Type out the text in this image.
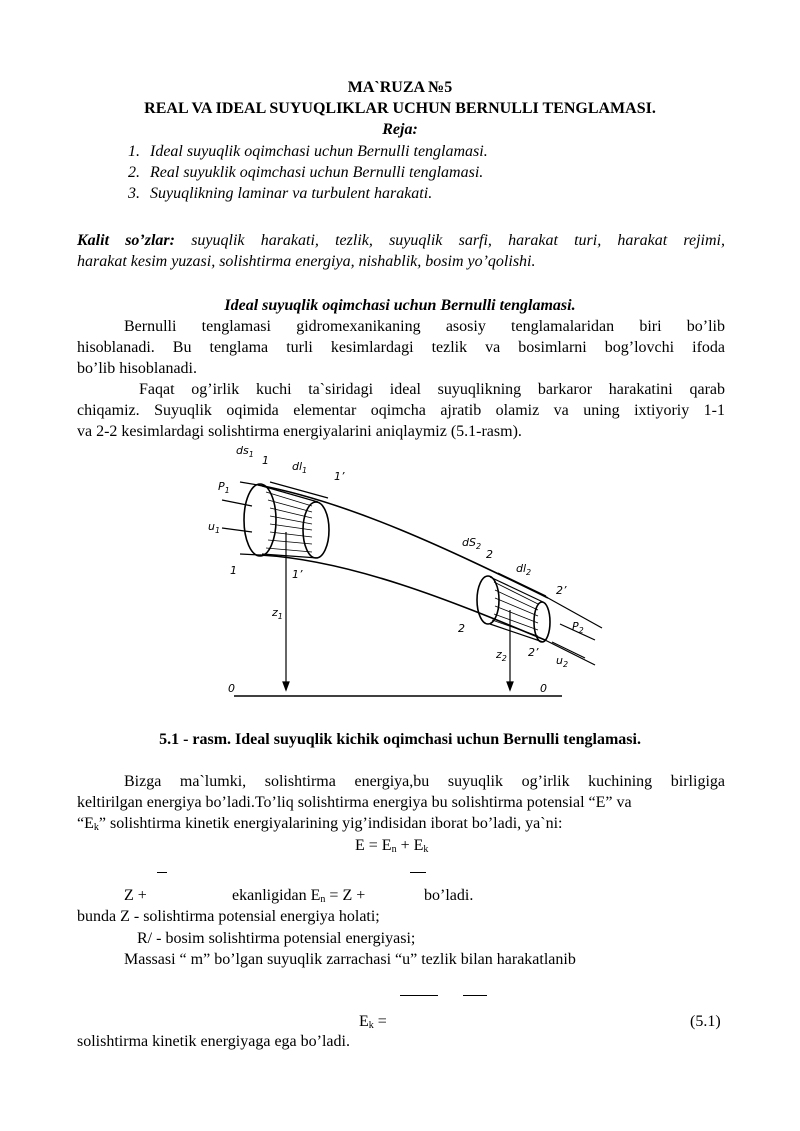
MA`RUZA №5
REAL VA IDEAL SUYUQLIKLAR UCHUN BERNULLI TENGLAMASI.
Reja:
1. Ideal suyuqlik oqimchasi uchun Bernulli tenglamasi.
2. Real suyuklik oqimchasi uchun Bernulli tenglamasi.
3. Suyuqlikning laminar va turbulent harakati.
Kalit so’zlar: suyuqlik harakati, tezlik, suyuqlik sarfi, harakat turi, harakat rejimi,
harakat kesim yuzasi, solishtirma energiya, nishablik, bosim yo’qolishi.
Ideal suyuqlik oqimchasi uchun Bernulli tenglamasi.
Bernulli tenglamasi gidromexanikaning asosiy tenglamalaridan biri bo’lib
hisoblanadi. Bu tenglama turli kesimlardagi tezlik va bosimlarni bog’lovchi ifoda
bo’lib hisoblanadi.
Faqat og’irlik kuchi ta`siridagi ideal suyuqlikning barkaror harakatini qarab
chiqamiz. Suyuqlik oqimida elementar oqimcha ajratib olamiz va uning ixtiyoriy 1-1
va 2-2 kesimlardagi solishtirma energiyalarini aniqlaymiz (5.1-rasm).
$ds_1$ 1 $dl_1$ 1’
$P_1$
$u_1$
1	1’
$z_1$
$dS_2$
2
$dl_2$
2’
$P_2$
$u_2$
2
2’
$z_2$
0	0
5.1 - rasm. Ideal suyuqlik kichik oqimchasi uchun Bernulli tenglamasi.
Bizga ma`lumki, solishtirma energiya,bu suyuqlik og’irlik kuchining birligiga
keltirilgan energiya bo’ladi.To’liq solishtirma energiya bu solishtirma potensial “E” va
“$E_k$” solishtirma kinetik energiyalarining yig’indisidan iborat bo’ladi, ya`ni:
$E = E_n + E_k$
Z +	ekanligidan $E_n = Z$ +	bo’ladi.
bunda Z - solishtirma potensial energiya holati;
R/ - bosim solishtirma potensial energiyasi;
Massasi “ m” bo’lgan suyuqlik zarrachasi “u” tezlik bilan harakatlanib
$E_k$ =	(5.1)
solishtirma kinetik energiyaga ega bo’ladi.
